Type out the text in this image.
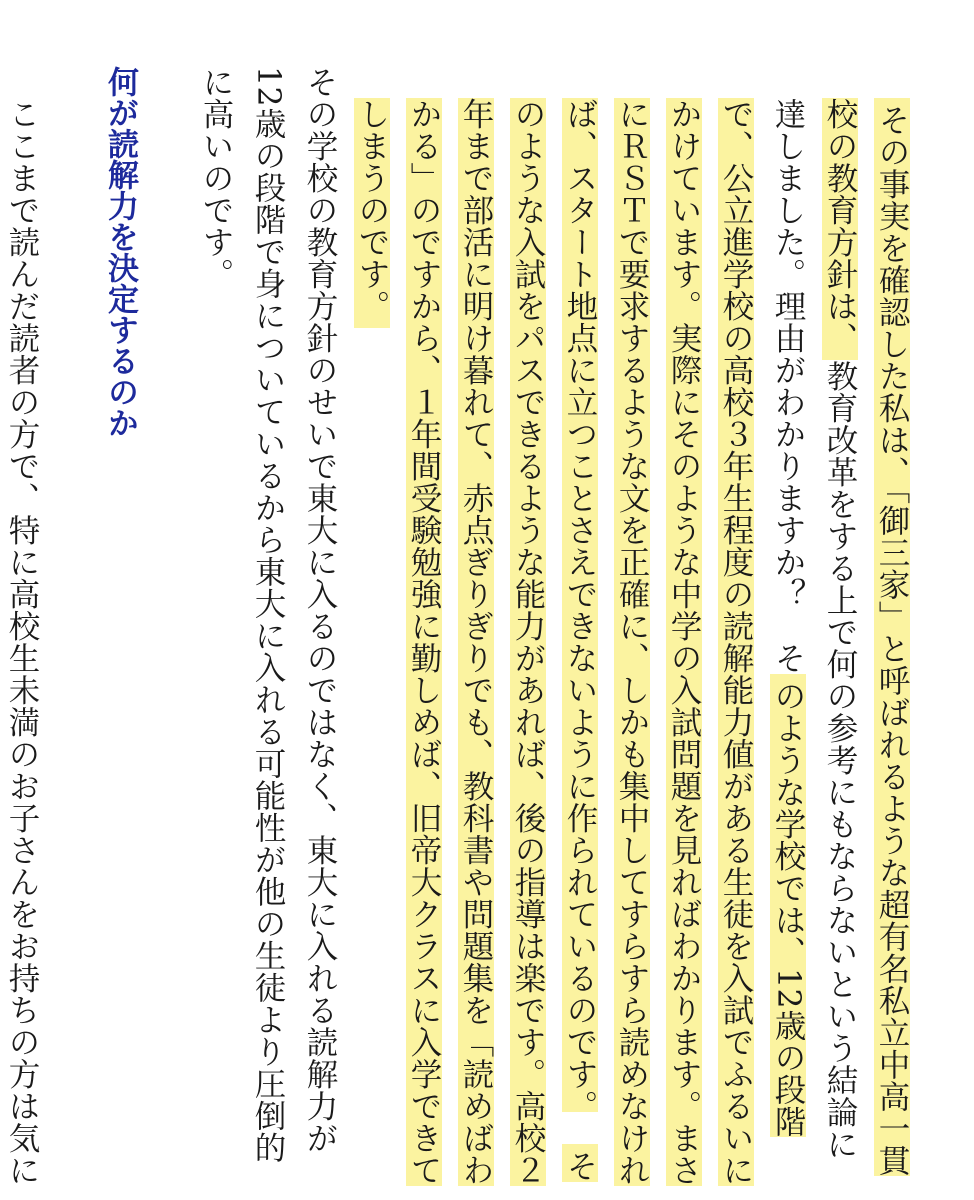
その事実を確認した私は、「御三家」と呼ばれるような超有名私立中高一貫校の教育方針は、教育改革をする上で何の参考にもならないという結論に達しました。理由がわかりますか？　そのような学校では、12歳の段階で、公立進学校の高校３年生程度の読解能力値がある生徒を入試でふるいにかけています。実際にそのような中学の入試問題を見ればわかります。まさにＲＳＴで要求するような文を正確に、しかも集中してすらすら読めなければ、スタート地点に立つことさえできないように作られているのです。　そのような入試をパスできるような能力があれば、後の指導は楽です。高校２年まで部活に明け暮れて、赤点ぎりぎりでも、教科書や問題集を「読めばわかる」のですから、１年間受験勉強に勤しめば、旧帝大クラスに入学できてしまうのです。

その学校の教育方針のせいで東大に入るのではなく、東大に入れる読解力が12歳の段階で身についているから東大に入れる可能性が他の生徒より圧倒的に高いのです。

何が読解力を決定するのか

ここまで読んだ読者の方で、特に高校生未満のお子さんをお持ちの方は気に
